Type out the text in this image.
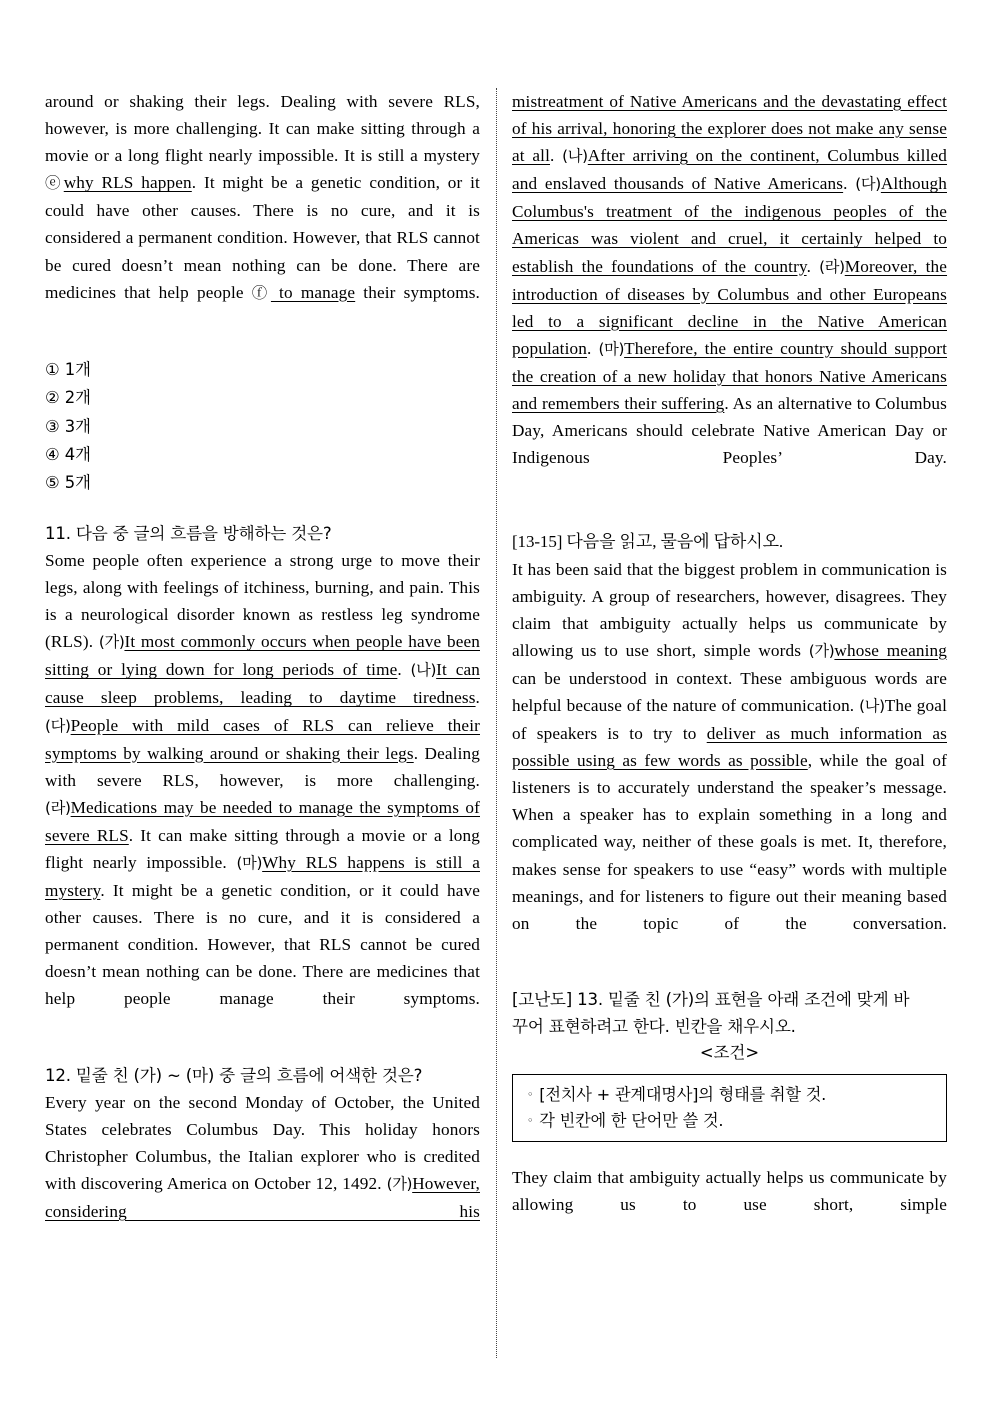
around or shaking their legs. Dealing with severe RLS, however, is more challenging. It can make sitting through a movie or a long flight nearly impossible. It is still a mystery ⓔwhy RLS happen. It might be a genetic condition, or it could have other causes. There is no cure, and it is considered a permanent condition. However, that RLS cannot be cured doesn’t mean nothing can be done. There are medicines that help people ⓕ to manage their symptoms.

① 1개
② 2개
③ 3개
④ 4개
⑤ 5개

11. 다음 중 글의 흐름을 방해하는 것은?

Some people often experience a strong urge to move their legs, along with feelings of itchiness, burning, and pain. This is a neurological disorder known as restless leg syndrome (RLS). (가)It most commonly occurs when people have been sitting or lying down for long periods of time. (나)It can cause sleep problems, leading to daytime tiredness. (다)People with mild cases of RLS can relieve their symptoms by walking around or shaking their legs. Dealing with severe RLS, however, is more challenging. (라)Medications may be needed to manage the symptoms of severe RLS. It can make sitting through a movie or a long flight nearly impossible. (마)Why RLS happens is still a mystery. It might be a genetic condition, or it could have other causes. There is no cure, and it is considered a permanent condition. However, that RLS cannot be cured doesn’t mean nothing can be done. There are medicines that help people manage their symptoms.

12. 밑줄 친 (가) ~ (마) 중 글의 흐름에 어색한 것은?

Every year on the second Monday of October, the United States celebrates Columbus Day. This holiday honors Christopher Columbus, the Italian explorer who is credited with discovering America on October 12, 1492. (가)However, considering his

mistreatment of Native Americans and the devastating effect of his arrival, honoring the explorer does not make any sense at all. (나)After arriving on the continent, Columbus killed and enslaved thousands of Native Americans. (다)Although Columbus's treatment of the indigenous peoples of the Americas was violent and cruel, it certainly helped to establish the foundations of the country. (라)Moreover, the introduction of diseases by Columbus and other Europeans led to a significant decline in the Native American population. (마)Therefore, the entire country should support the creation of a new holiday that honors Native Americans and remembers their suffering. As an alternative to Columbus Day, Americans should celebrate Native American Day or Indigenous Peoples’ Day.

[13-15] 다음을 읽고, 물음에 답하시오.

It has been said that the biggest problem in communication is ambiguity. A group of researchers, however, disagrees. They claim that ambiguity actually helps us communicate by allowing us to use short, simple words (가)whose meaning can be understood in context. These ambiguous words are helpful because of the nature of communication. (나)The goal of speakers is to try to deliver as much information as possible using as few words as possible, while the goal of listeners is to accurately understand the speaker’s message. When a speaker has to explain something in a long and complicated way, neither of these goals is met. It, therefore, makes sense for speakers to use “easy” words with multiple meanings, and for listeners to figure out their meaning based on the topic of the conversation.

[고난도] 13. 밑줄 친 (가)의 표현을 아래 조건에 맞게 바

꾸어 표현하려고 한다. 빈칸을 채우시오.

<조건>

◦ [전치사 + 관계대명사]의 형태를 취할 것.
◦ 각 빈칸에 한 단어만 쓸 것.

They claim that ambiguity actually helps us communicate by allowing us to use short, simple
